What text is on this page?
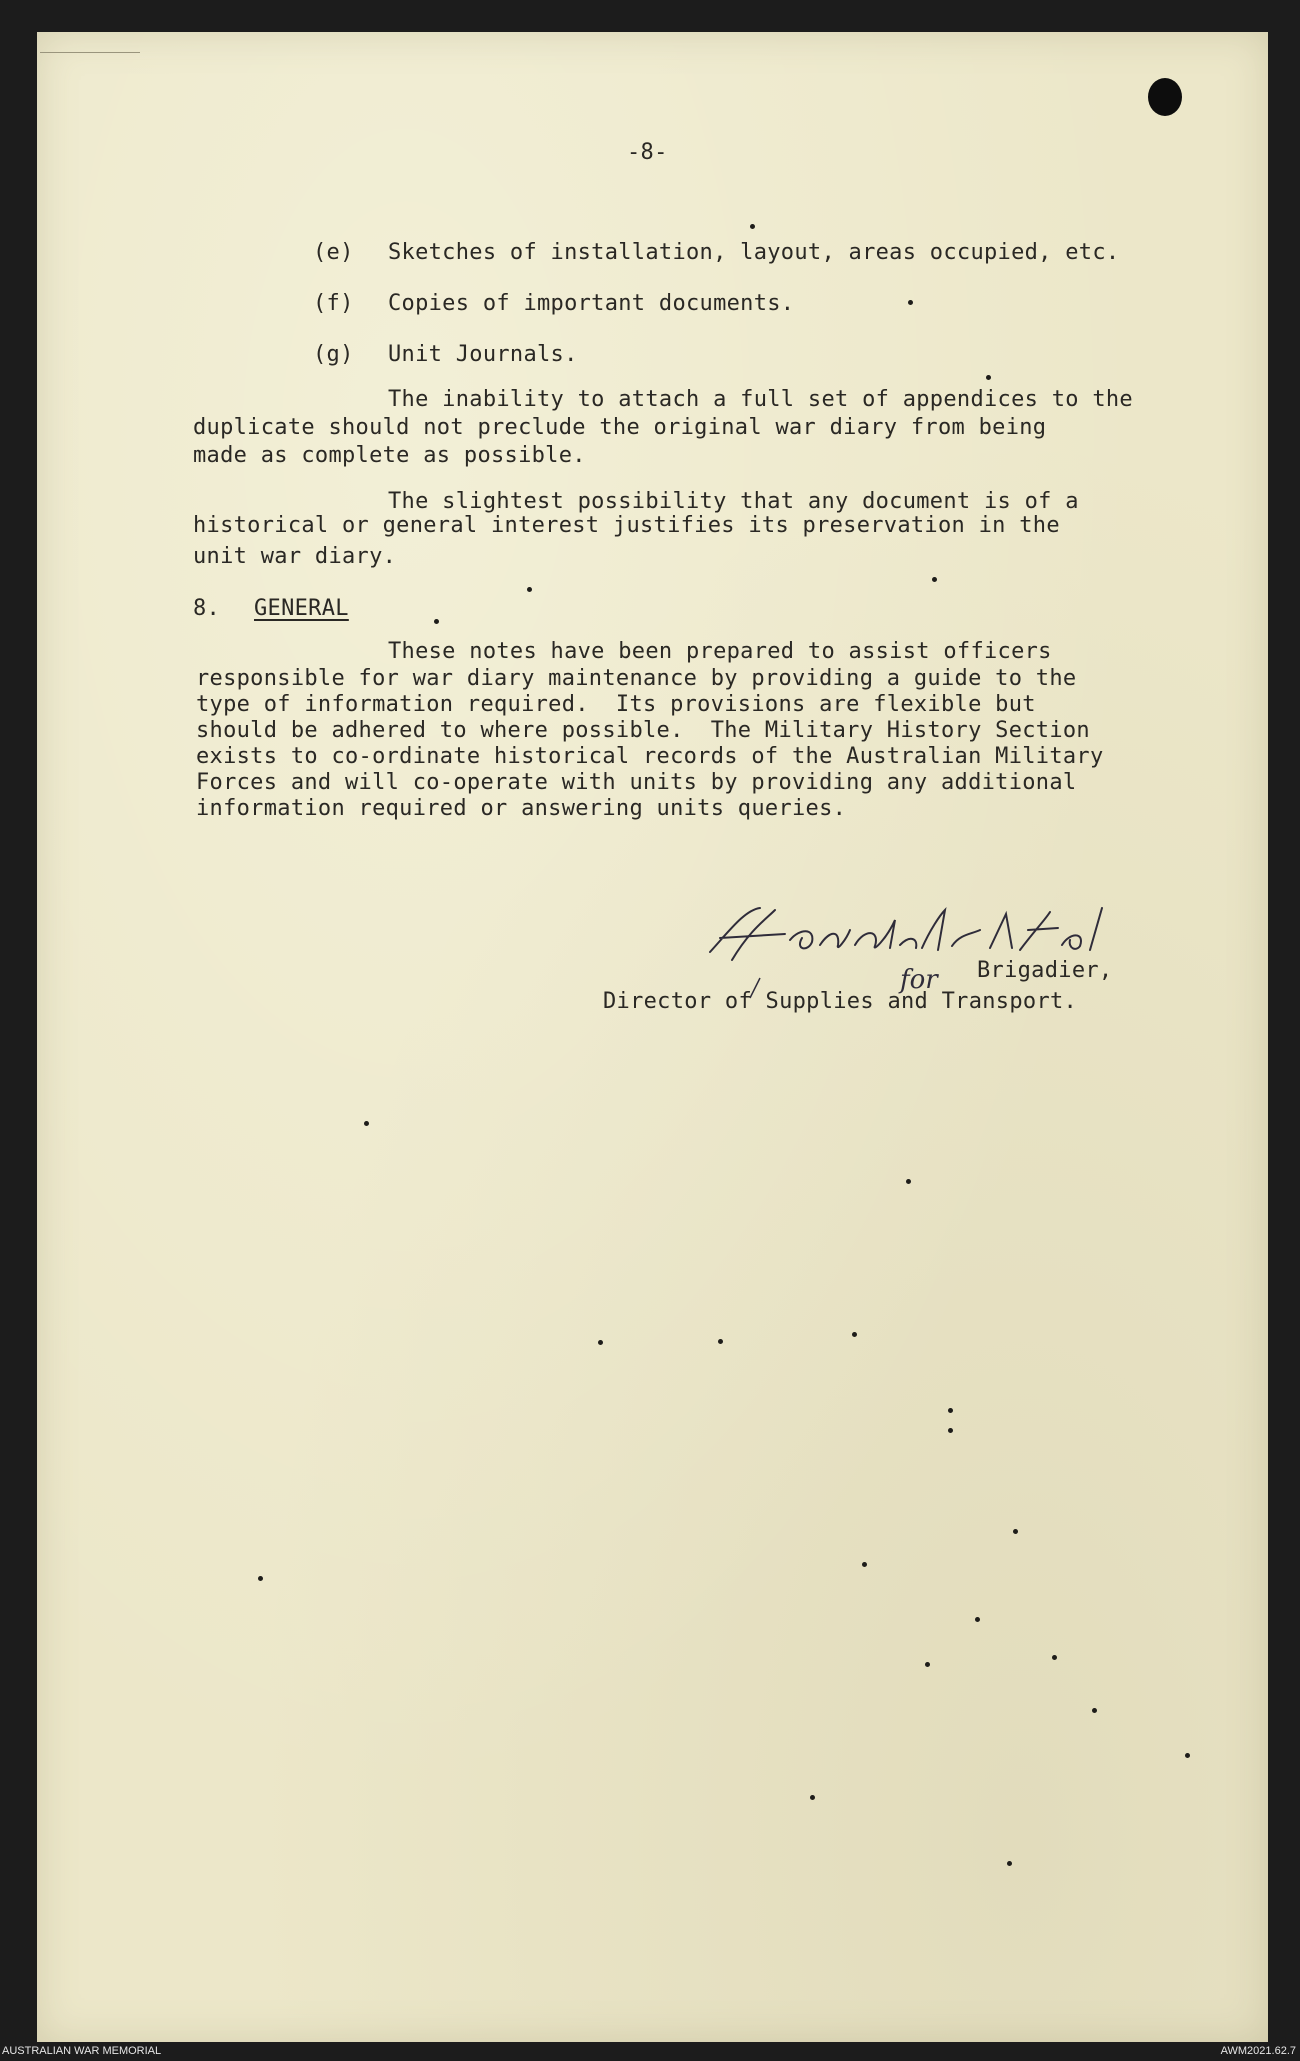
-8-
(e) Sketches of installation, layout, areas occupied, etc.
(f) Copies of important documents.
(g) Unit Journals.
The inability to attach a full set of appendices to the
duplicate should not preclude the original war diary from being
made as complete as possible.
The slightest possibility that any document is of a
historical or general interest justifies its preservation in the
unit war diary.
8. GENERAL
These notes have been prepared to assist officers
responsible for war diary maintenance by providing a guide to the
type of information required.  Its provisions are flexible but
should be adhered to where possible.  The Military History Section
exists to co-ordinate historical records of the Australian Military
Forces and will co-operate with units by providing any additional
information required or answering units queries.
for Brigadier,
Director of Supplies and Transport.
AUSTRALIAN WAR MEMORIAL	AWM2021.62.7
